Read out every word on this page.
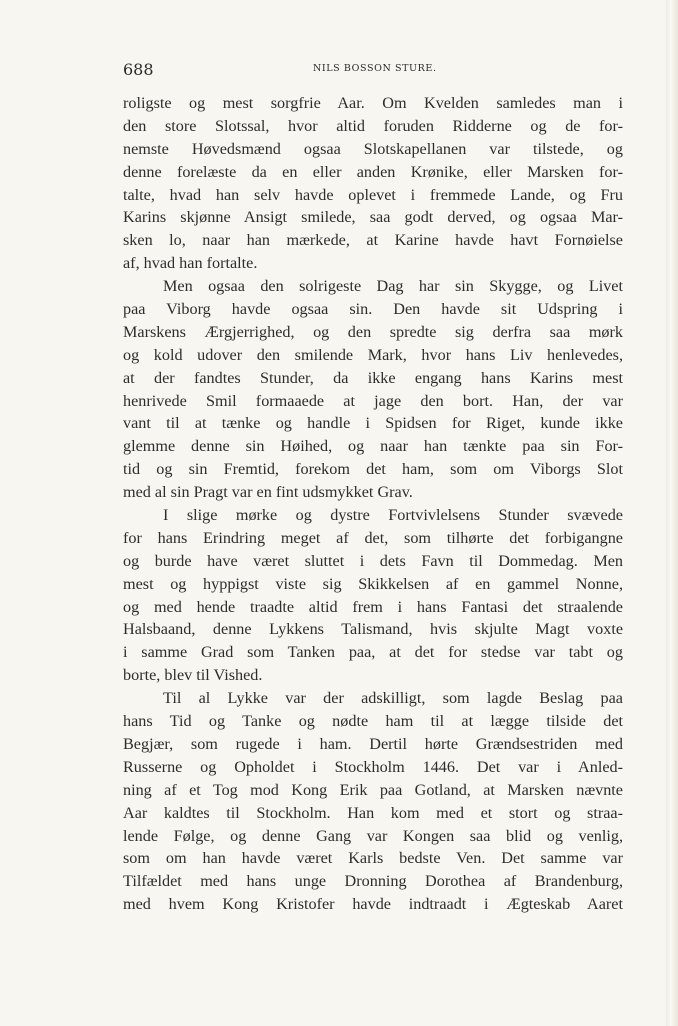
688	NILS BOSSON STURE.
roligste og mest sorgfrie Aar. Om Kvelden samledes man i
den store Slotssal, hvor altid foruden Ridderne og de for-
nemste Høvedsmænd ogsaa Slotskapellanen var tilstede, og
denne forelæste da en eller anden Krønike, eller Marsken for-
talte, hvad han selv havde oplevet i fremmede Lande, og Fru
Karins skjønne Ansigt smilede, saa godt derved, og ogsaa Mar-
sken lo, naar han mærkede, at Karine havde havt Fornøielse
af, hvad han fortalte.
Men ogsaa den solrigeste Dag har sin Skygge, og Livet
paa Viborg havde ogsaa sin. Den havde sit Udspring i
Marskens Ærgjerrighed, og den spredte sig derfra saa mørk
og kold udover den smilende Mark, hvor hans Liv henlevedes,
at der fandtes Stunder, da ikke engang hans Karins mest
henrivede Smil formaaede at jage den bort. Han, der var
vant til at tænke og handle i Spidsen for Riget, kunde ikke
glemme denne sin Høihed, og naar han tænkte paa sin For-
tid og sin Fremtid, forekom det ham, som om Viborgs Slot
med al sin Pragt var en fint udsmykket Grav.
I slige mørke og dystre Fortvivlelsens Stunder svævede
for hans Erindring meget af det, som tilhørte det forbigangne
og burde have været sluttet i dets Favn til Dommedag. Men
mest og hyppigst viste sig Skikkelsen af en gammel Nonne,
og med hende traadte altid frem i hans Fantasi det straalende
Halsbaand, denne Lykkens Talismand, hvis skjulte Magt voxte
i samme Grad som Tanken paa, at det for stedse var tabt og
borte, blev til Vished.
Til al Lykke var der adskilligt, som lagde Beslag paa
hans Tid og Tanke og nødte ham til at lægge tilside det
Begjær, som rugede i ham. Dertil hørte Grændsestriden med
Russerne og Opholdet i Stockholm 1446. Det var i Anled-
ning af et Tog mod Kong Erik paa Gotland, at Marsken nævnte
Aar kaldtes til Stockholm. Han kom med et stort og straa-
lende Følge, og denne Gang var Kongen saa blid og venlig,
som om han havde været Karls bedste Ven. Det samme var
Tilfældet med hans unge Dronning Dorothea af Brandenburg,
med hvem Kong Kristofer havde indtraadt i Ægteskab Aaret
